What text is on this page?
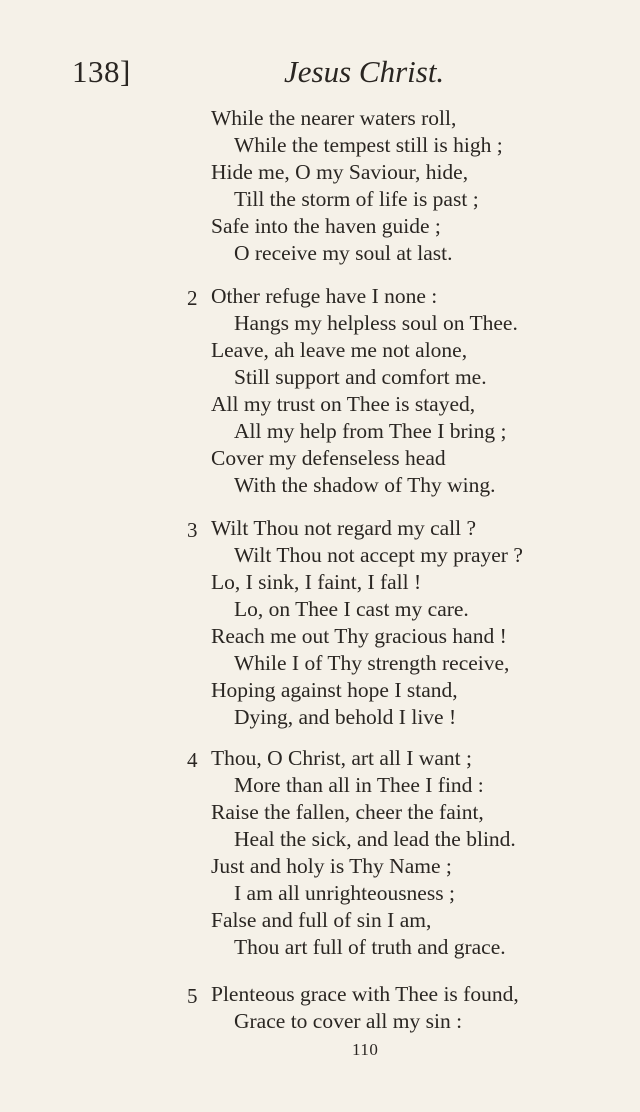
138]	Jesus Christ.
While the nearer waters roll,
While the tempest still is high ;
Hide me, O my Saviour, hide,
Till the storm of life is past ;
Safe into the haven guide ;
O receive my soul at last.
2 Other refuge have I none :
Hangs my helpless soul on Thee.
Leave, ah leave me not alone,
Still support and comfort me.
All my trust on Thee is stayed,
All my help from Thee I bring ;
Cover my defenseless head
With the shadow of Thy wing.
3 Wilt Thou not regard my call ?
Wilt Thou not accept my prayer ?
Lo, I sink, I faint, I fall !
Lo, on Thee I cast my care.
Reach me out Thy gracious hand !
While I of Thy strength receive,
Hoping against hope I stand,
Dying, and behold I live !
4 Thou, O Christ, art all I want ;
More than all in Thee I find :
Raise the fallen, cheer the faint,
Heal the sick, and lead the blind.
Just and holy is Thy Name ;
I am all unrighteousness ;
False and full of sin I am,
Thou art full of truth and grace.
5 Plenteous grace with Thee is found,
Grace to cover all my sin :
110
